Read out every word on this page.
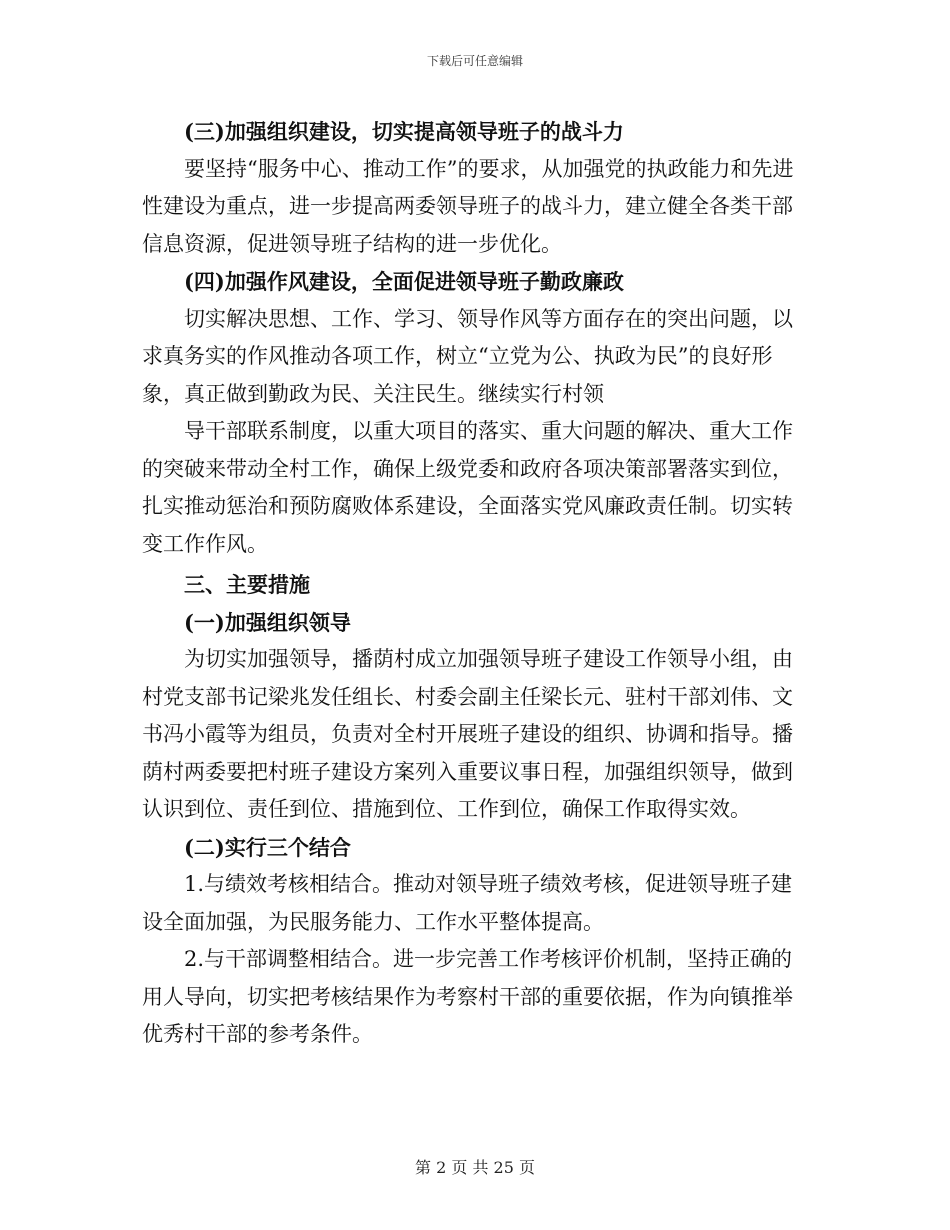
下载后可任意编辑

(三)加强组织建设，切实提高领导班子的战斗力

要坚持“服务中心、推动工作”的要求，从加强党的执政能力和先进性建设为重点，进一步提高两委领导班子的战斗力，建立健全各类干部信息资源，促进领导班子结构的进一步优化。

(四)加强作风建设，全面促进领导班子勤政廉政

切实解决思想、工作、学习、领导作风等方面存在的突出问题，以求真务实的作风推动各项工作，树立“立党为公、执政为民”的良好形象，真正做到勤政为民、关注民生。继续实行村领

导干部联系制度，以重大项目的落实、重大问题的解决、重大工作的突破来带动全村工作，确保上级党委和政府各项决策部署落实到位，扎实推动惩治和预防腐败体系建设，全面落实党风廉政责任制。切实转变工作作风。

三、主要措施

(一)加强组织领导

为切实加强领导，播荫村成立加强领导班子建设工作领导小组，由村党支部书记梁兆发任组长、村委会副主任梁长元、驻村干部刘伟、文书冯小霞等为组员，负责对全村开展班子建设的组织、协调和指导。播荫村两委要把村班子建设方案列入重要议事日程，加强组织领导，做到认识到位、责任到位、措施到位、工作到位，确保工作取得实效。

(二)实行三个结合

1.与绩效考核相结合。推动对领导班子绩效考核，促进领导班子建设全面加强，为民服务能力、工作水平整体提高。

2.与干部调整相结合。进一步完善工作考核评价机制，坚持正确的用人导向，切实把考核结果作为考察村干部的重要依据，作为向镇推举优秀村干部的参考条件。

第 2 页 共 25 页
